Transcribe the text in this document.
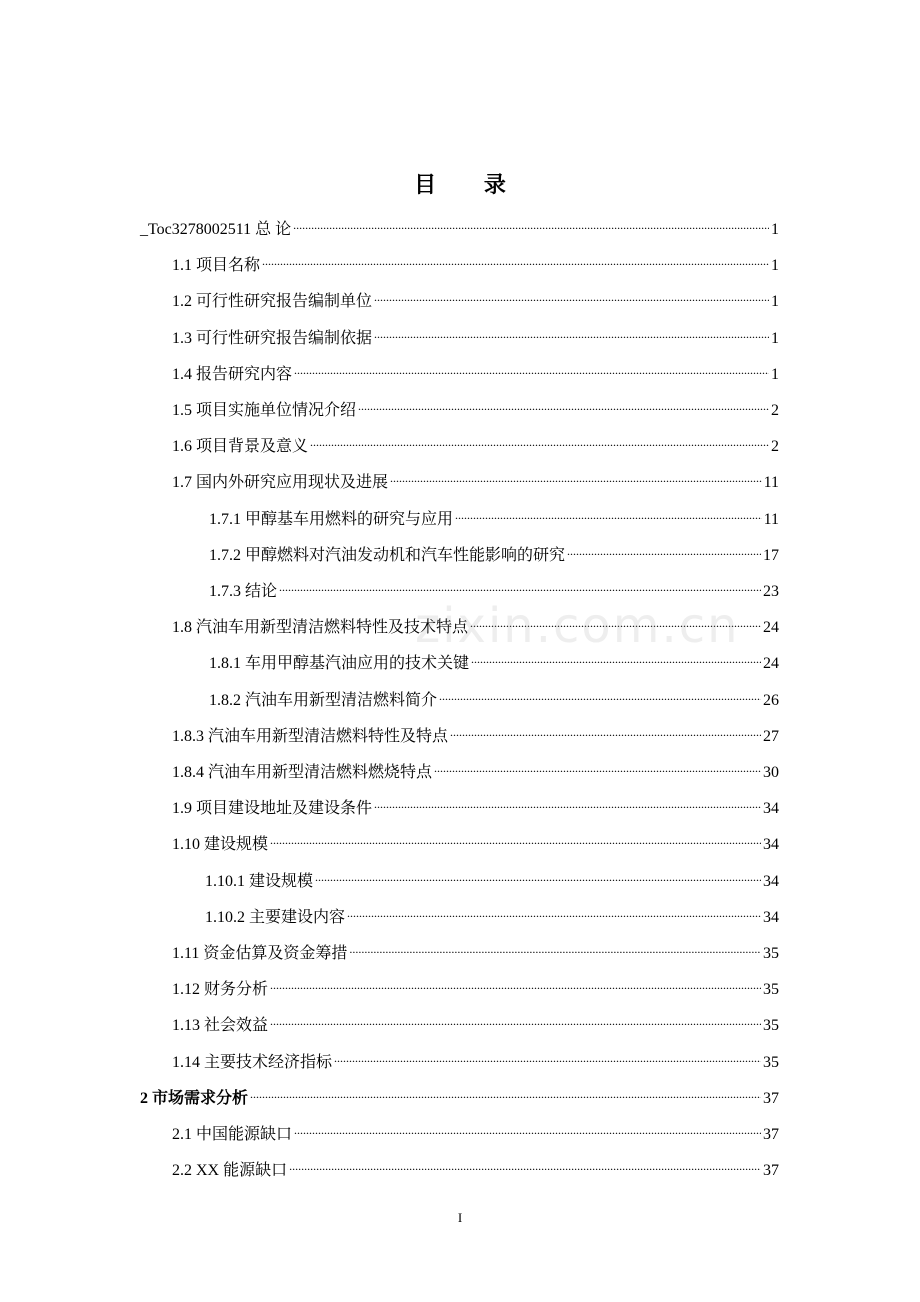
目 录
_Toc3278002511 总 论 .....	1
1.1 项目名称 .....	1
1.2 可行性研究报告编制单位 .....	1
1.3 可行性研究报告编制依据 .....	1
1.4 报告研究内容 .....	1
1.5 项目实施单位情况介绍 .....	2
1.6 项目背景及意义 .....	2
1.7 国内外研究应用现状及进展 .....	11
1.7.1 甲醇基车用燃料的研究与应用 .....	11
1.7.2 甲醇燃料对汽油发动机和汽车性能影响的研究 .....	17
1.7.3 结论 .....	23
1.8 汽油车用新型清洁燃料特性及技术特点 .....	24
1.8.1 车用甲醇基汽油应用的技术关键 .....	24
1.8.2 汽油车用新型清洁燃料简介 .....	26
1.8.3 汽油车用新型清洁燃料特性及特点 .....	27
1.8.4 汽油车用新型清洁燃料燃烧特点 .....	30
1.9 项目建设地址及建设条件 .....	34
1.10 建设规模 .....	34
1.10.1 建设规模 .....	34
1.10.2 主要建设内容 .....	34
1.11 资金估算及资金筹措 .....	35
1.12 财务分析 .....	35
1.13 社会效益 .....	35
1.14 主要技术经济指标 .....	35
2 市场需求分析 .....	37
2.1 中国能源缺口 .....	37
2.2 XX 能源缺口 .....	37
zixin.com.cn
I
